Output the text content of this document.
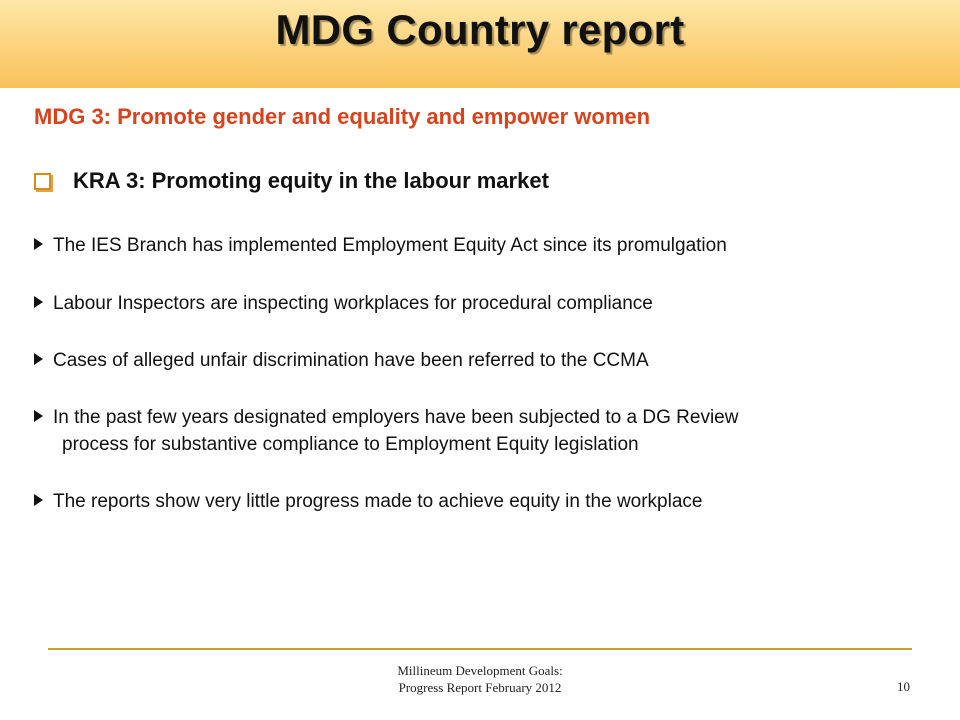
MDG Country report
MDG 3: Promote gender and equality and empower women
KRA 3: Promoting equity in the labour market
The IES Branch has implemented Employment Equity Act since its promulgation
Labour Inspectors are inspecting workplaces for procedural compliance
Cases of alleged unfair discrimination have been referred to the CCMA
In the past few years designated employers have been subjected to a DG Review
process for substantive compliance to Employment Equity legislation
The reports show very little progress made to achieve equity in the workplace
Millineum Development Goals:
Progress Report February 2012	10
